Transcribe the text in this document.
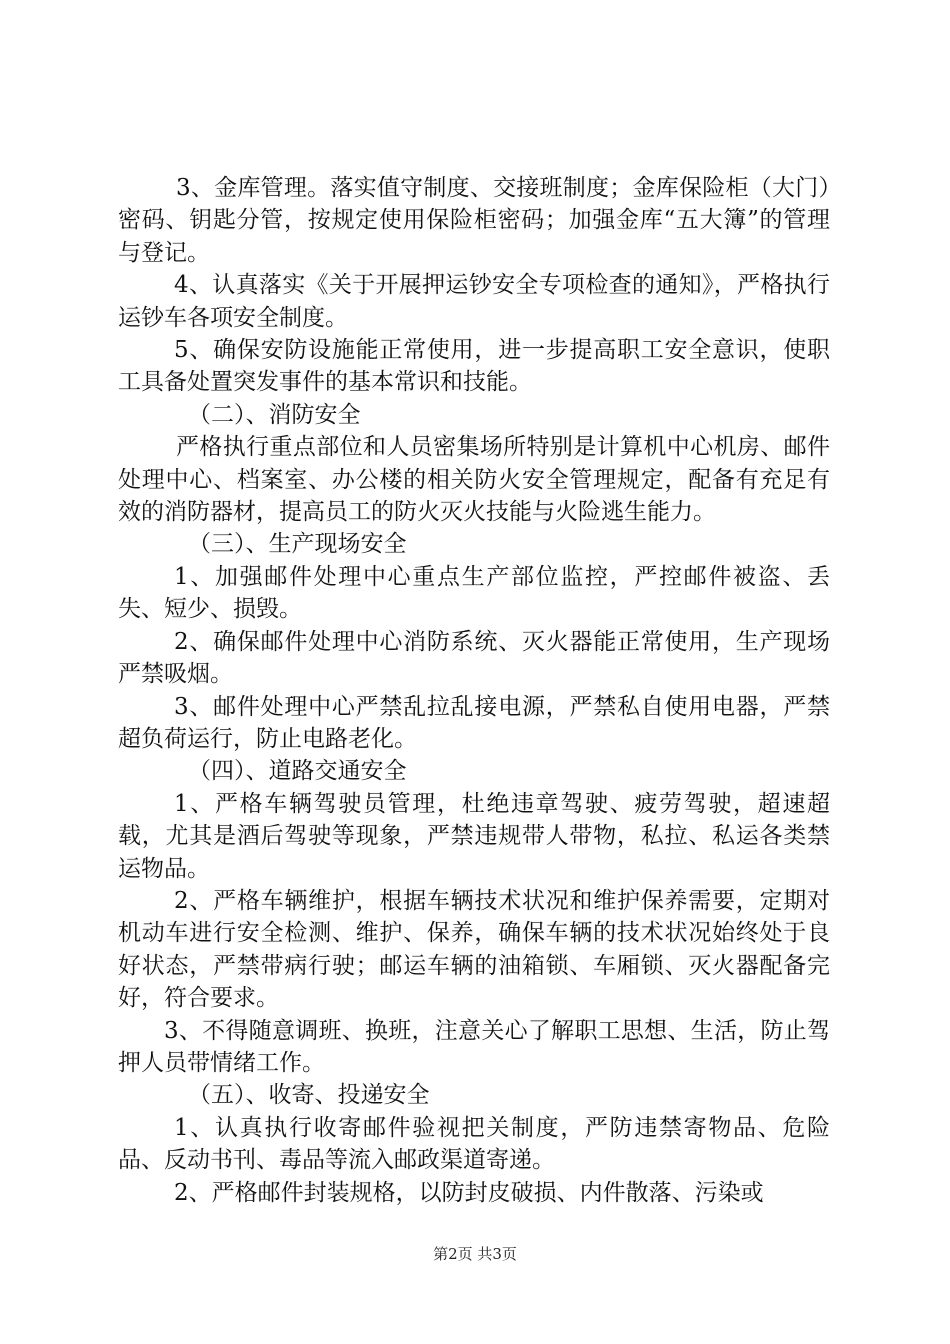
3、金库管理。落实值守制度、交接班制度；金库保险柜（大门）密码、钥匙分管，按规定使用保险柜密码；加强金库“五大簿”的管理与登记。

4、认真落实《关于开展押运钞安全专项检查的通知》，严格执行运钞车各项安全制度。

5、确保安防设施能正常使用，进一步提高职工安全意识，使职工具备处置突发事件的基本常识和技能。

（二）、消防安全

严格执行重点部位和人员密集场所特别是计算机中心机房、邮件处理中心、档案室、办公楼的相关防火安全管理规定，配备有充足有效的消防器材，提高员工的防火灭火技能与火险逃生能力。

（三）、生产现场安全

1、加强邮件处理中心重点生产部位监控，严控邮件被盗、丢失、短少、损毁。

2、确保邮件处理中心消防系统、灭火器能正常使用，生产现场严禁吸烟。

3、邮件处理中心严禁乱拉乱接电源，严禁私自使用电器，严禁超负荷运行，防止电路老化。

（四）、道路交通安全

1、严格车辆驾驶员管理，杜绝违章驾驶、疲劳驾驶，超速超载，尤其是酒后驾驶等现象，严禁违规带人带物，私拉、私运各类禁运物品。

2、严格车辆维护，根据车辆技术状况和维护保养需要，定期对机动车进行安全检测、维护、保养，确保车辆的技术状况始终处于良好状态，严禁带病行驶；邮运车辆的油箱锁、车厢锁、灭火器配备完好，符合要求。

3、不得随意调班、换班，注意关心了解职工思想、生活，防止驾押人员带情绪工作。

（五）、收寄、投递安全

1、认真执行收寄邮件验视把关制度，严防违禁寄物品、危险品、反动书刊、毒品等流入邮政渠道寄递。

2、严格邮件封装规格，以防封皮破损、内件散落、污染或

第2页 共3页
